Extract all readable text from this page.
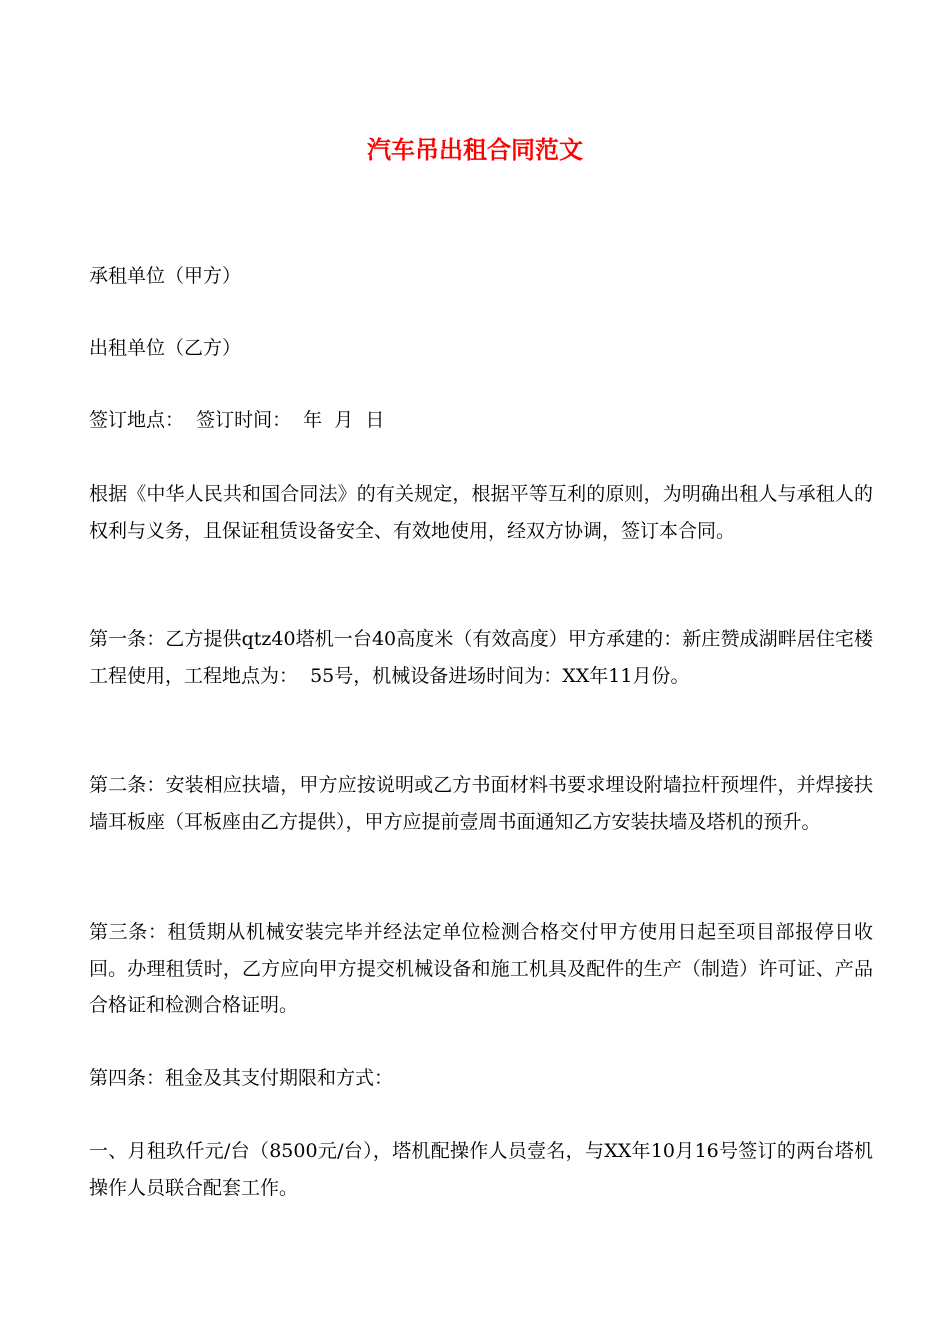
汽车吊出租合同范文

承租单位（甲方）

出租单位（乙方）

签订地点：  签订时间：  年  月  日

根据《中华人民共和国合同法》的有关规定，根据平等互利的原则，为明确出租人与承租人的权利与义务，且保证租赁设备安全、有效地使用，经双方协调，签订本合同。

第一条：乙方提供qtz40塔机一台40高度米（有效高度）甲方承建的：新庄赞成湖畔居住宅楼工程使用，工程地点为：  55号，机械设备进场时间为：XX年11月份。

第二条：安装相应扶墙，甲方应按说明或乙方书面材料书要求埋设附墙拉杆预埋件，并焊接扶墙耳板座（耳板座由乙方提供），甲方应提前壹周书面通知乙方安装扶墙及塔机的预升。

第三条：租赁期从机械安装完毕并经法定单位检测合格交付甲方使用日起至项目部报停日收回。办理租赁时，乙方应向甲方提交机械设备和施工机具及配件的生产（制造）许可证、产品合格证和检测合格证明。

第四条：租金及其支付期限和方式：

一、月租玖仟元/台（8500元/台），塔机配操作人员壹名，与XX年10月16号签订的两台塔机操作人员联合配套工作。
